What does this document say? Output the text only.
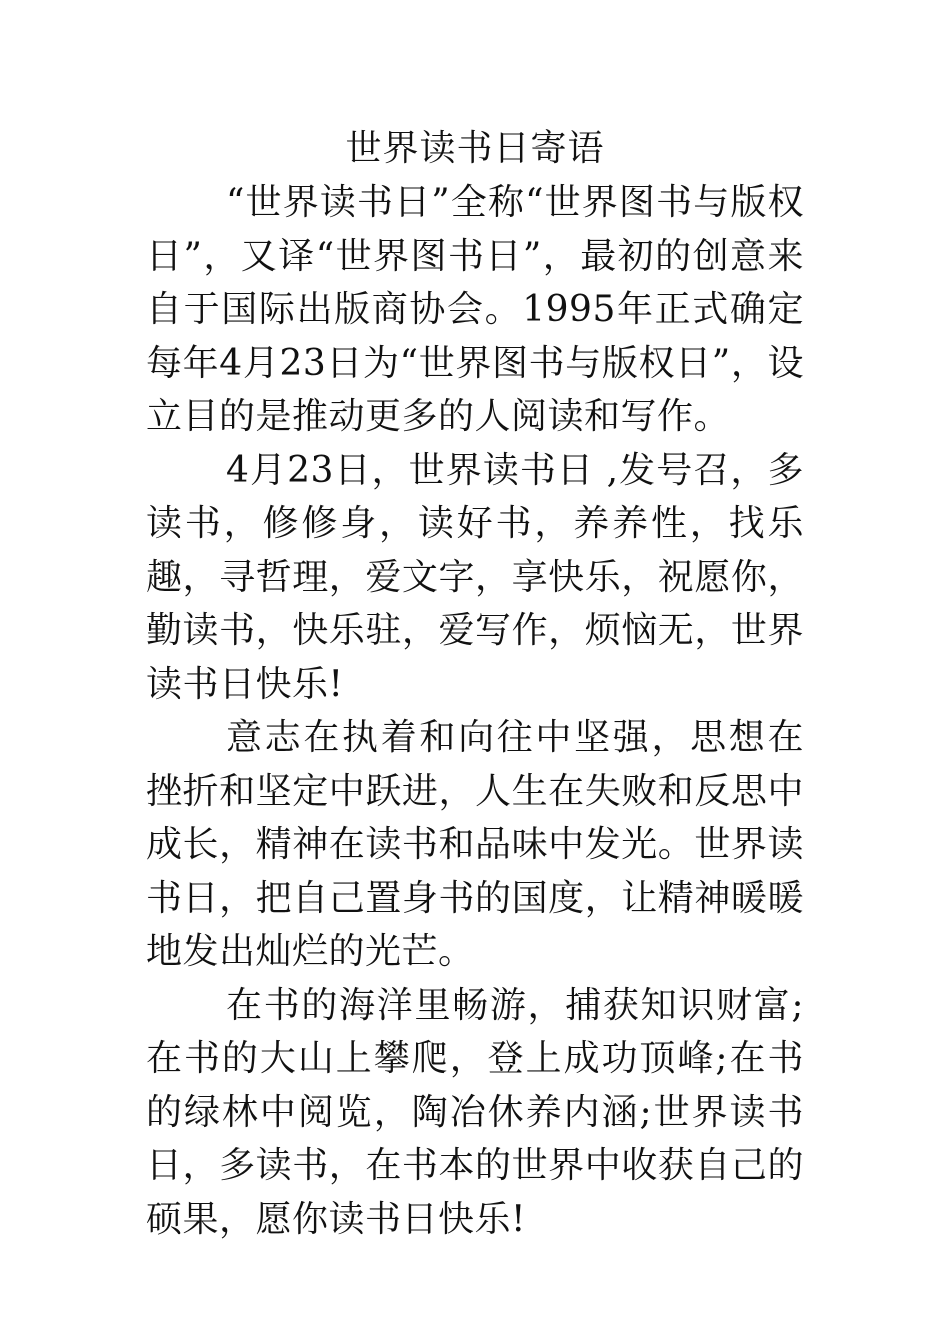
世界读书日寄语

“世界读书日”全称“世界图书与版权日”，又译“世界图书日”，最初的创意来自于国际出版商协会。1995年正式确定每年4月23日为“世界图书与版权日”，设立目的是推动更多的人阅读和写作。

4月23日，世界读书日 ,发号召，多读书，修修身，读好书，养养性，找乐趣，寻哲理，爱文字，享快乐，祝愿你，勤读书，快乐驻，爱写作，烦恼无，世界读书日快乐!

意志在执着和向往中坚强，思想在挫折和坚定中跃进，人生在失败和反思中成长，精神在读书和品味中发光。世界读书日，把自己置身书的国度，让精神暖暖地发出灿烂的光芒。

在书的海洋里畅游，捕获知识财富;在书的大山上攀爬，登上成功顶峰;在书的绿林中阅览，陶冶休养内涵;世界读书日，多读书，在书本的世界中收获自己的硕果，愿你读书日快乐!
